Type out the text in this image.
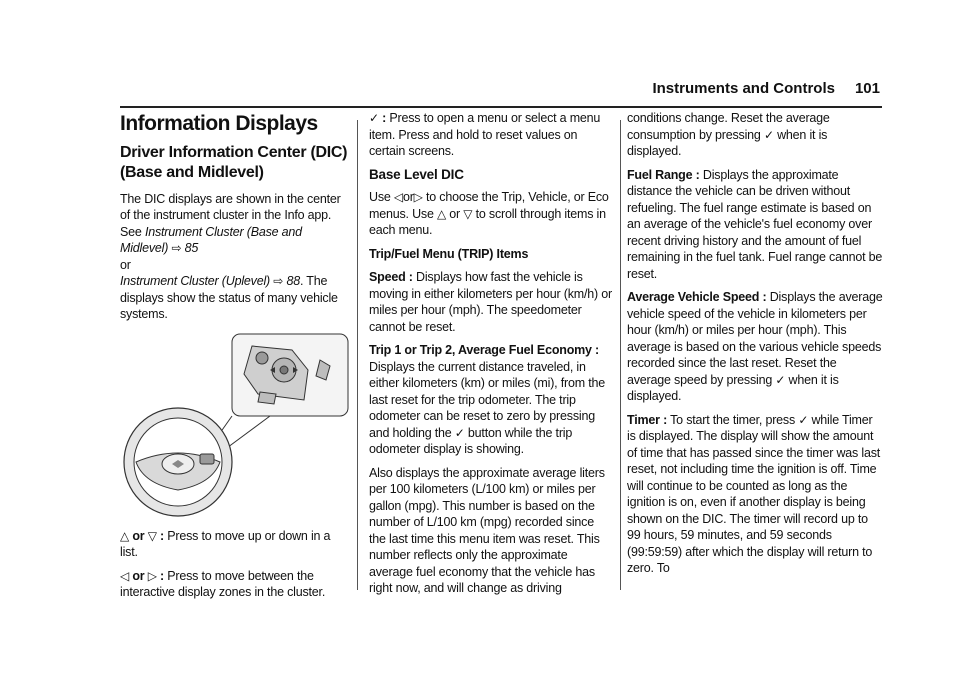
Instruments and Controls 101
Information Displays
Driver Information Center (DIC) (Base and Midlevel)

The DIC displays are shown in the center of the instrument cluster in the Info app. See Instrument Cluster (Base and Midlevel) ⇨ 85
or
Instrument Cluster (Uplevel) ⇨ 88. The displays show the status of many vehicle systems.

△ or ▽ : Press to move up or down in a list.

◁ or ▷ : Press to move between the interactive display zones in the cluster.

✓ : Press to open a menu or select a menu item. Press and hold to reset values on certain screens.

Base Level DIC

Use ◁or▷ to choose the Trip, Vehicle, or Eco menus. Use △ or ▽ to scroll through items in each menu.

Trip/Fuel Menu (TRIP) Items

Speed : Displays how fast the vehicle is moving in either kilometers per hour (km/h) or miles per hour (mph). The speedometer cannot be reset.

Trip 1 or Trip 2, Average Fuel Economy :
Displays the current distance traveled, in either kilometers (km) or miles (mi), from the last reset for the trip odometer. The trip odometer can be reset to zero by pressing and holding the ✓ button while the trip odometer display is showing.

Also displays the approximate average liters per 100 kilometers (L/100 km) or miles per gallon (mpg). This number is based on the number of L/100 km (mpg) recorded since the last time this menu item was reset. This number reflects only the approximate average fuel economy that the vehicle has right now, and will change as driving

conditions change. Reset the average consumption by pressing ✓ when it is displayed.

Fuel Range : Displays the approximate distance the vehicle can be driven without refueling. The fuel range estimate is based on an average of the vehicle's fuel economy over recent driving history and the amount of fuel remaining in the fuel tank. Fuel range cannot be reset.

Average Vehicle Speed : Displays the average vehicle speed of the vehicle in kilometers per hour (km/h) or miles per hour (mph). This average is based on the various vehicle speeds recorded since the last reset. Reset the average speed by pressing ✓ when it is displayed.

Timer : To start the timer, press ✓ while Timer is displayed. The display will show the amount of time that has passed since the timer was last reset, not including time the ignition is off. Time will continue to be counted as long as the ignition is on, even if another display is being shown on the DIC. The timer will record up to 99 hours, 59 minutes, and 59 seconds (99:59:59) after which the display will return to zero. To
